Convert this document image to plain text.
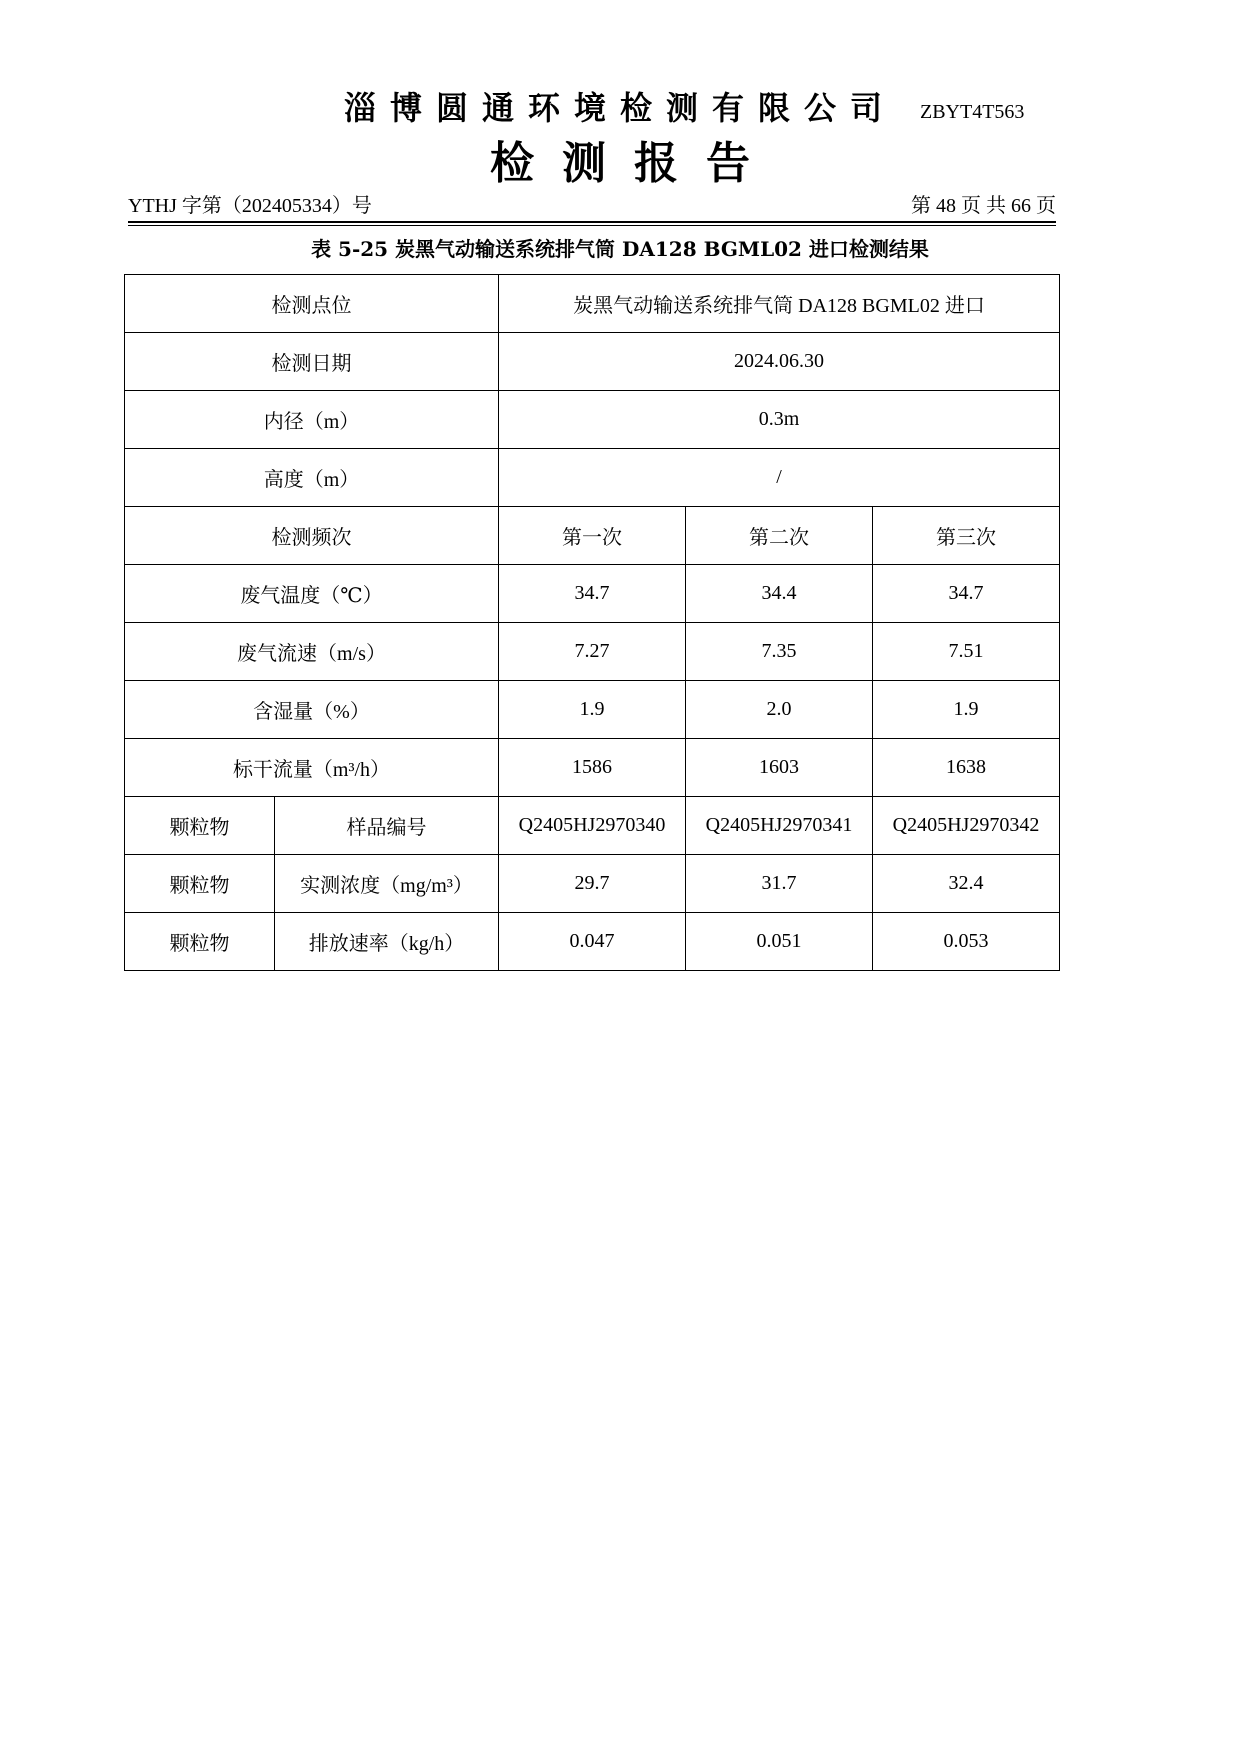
淄博圆通环境检测有限公司	ZBYT4T563
检测报告
YTHJ 字第（202405334）号	第 48 页 共 66 页
表 5-25 炭黑气动输送系统排气筒 DA128 BGML02 进口检测结果
检测点位		炭黑气动输送系统排气筒 DA128 BGML02 进口		
检测日期		2024.06.30		
内径（m）		0.3m		
高度（m）		/		
检测频次		第一次	第二次	第三次
废气温度（℃）		34.7	34.4	34.7
废气流速（m/s）		7.27	7.35	7.51
含湿量（%）		1.9	2.0	1.9
标干流量（m³/h）		1586	1603	1638
颗粒物	样品编号	Q2405HJ2970340	Q2405HJ2970341	Q2405HJ2970342
颗粒物	实测浓度（mg/m³）	29.7	31.7	32.4
颗粒物	排放速率（kg/h）	0.047	0.051	0.053
